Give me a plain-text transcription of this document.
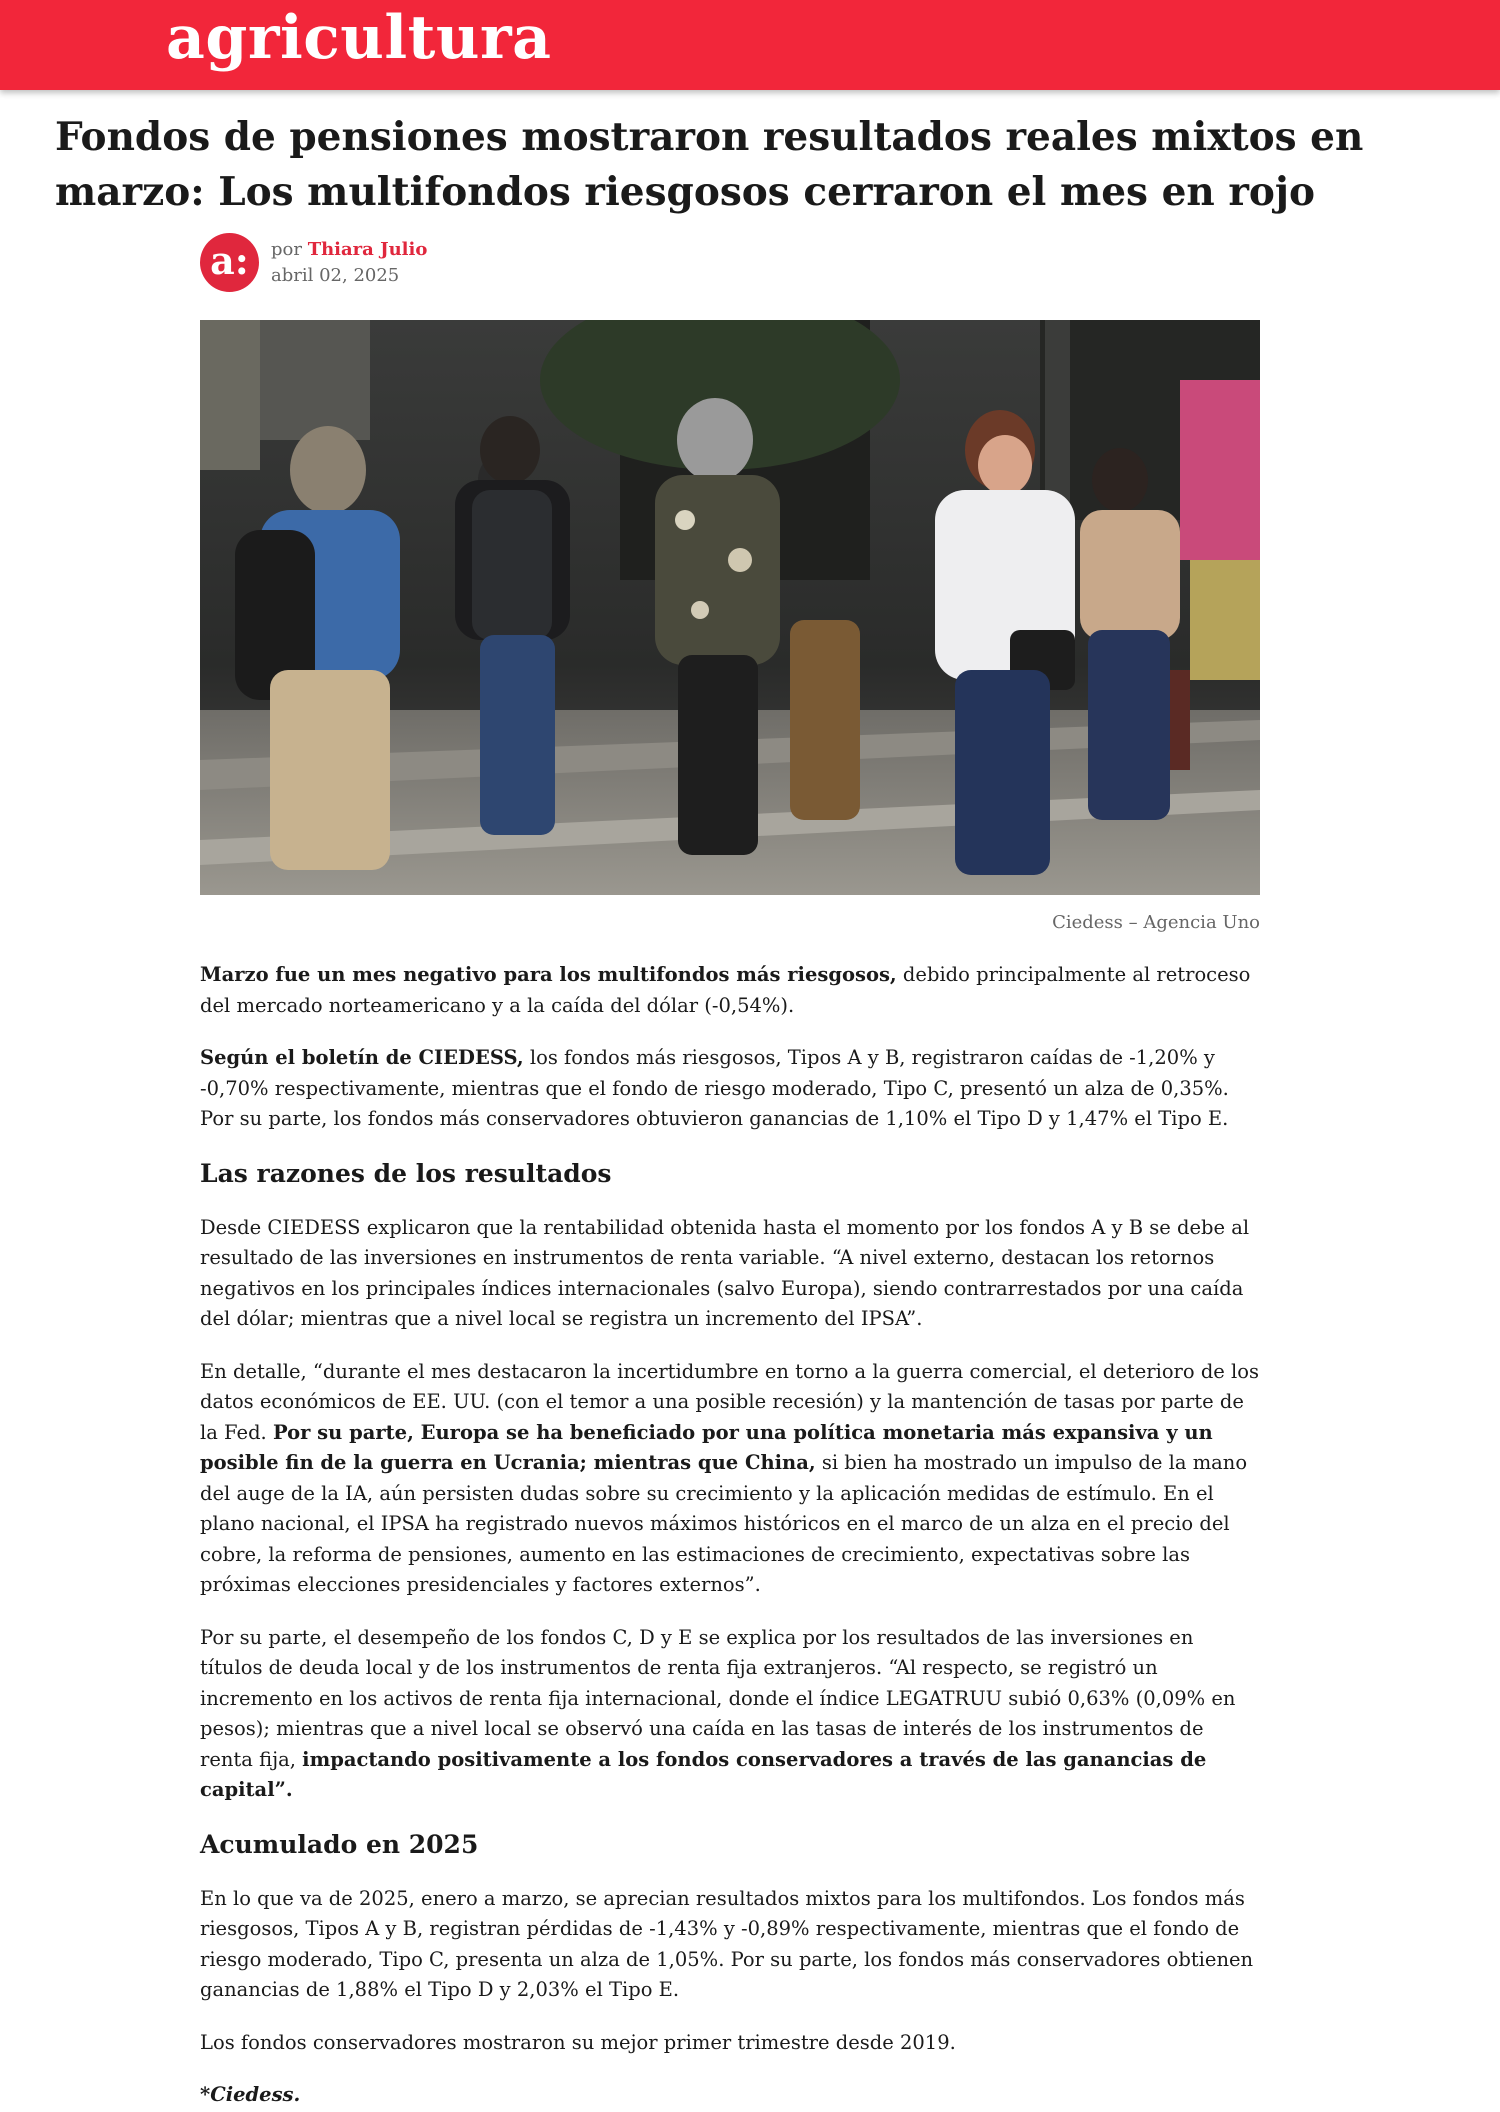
agricultura
Fondos de pensiones mostraron resultados reales mixtos en marzo: Los multifondos riesgosos cerraron el mes en rojo
a:	por Thiara Julio
abril 02, 2025
Ciedess – Agencia Uno

Marzo fue un mes negativo para los multifondos más riesgosos, debido principalmente al retroceso del mercado norteamericano y a la caída del dólar (-0,54%).

Según el boletín de CIEDESS, los fondos más riesgosos, Tipos A y B, registraron caídas de -1,20% y -0,70% respectivamente, mientras que el fondo de riesgo moderado, Tipo C, presentó un alza de 0,35%. Por su parte, los fondos más conservadores obtuvieron ganancias de 1,10% el Tipo D y 1,47% el Tipo E.

Las razones de los resultados

Desde CIEDESS explicaron que la rentabilidad obtenida hasta el momento por los fondos A y B se debe al resultado de las inversiones en instrumentos de renta variable. “A nivel externo, destacan los retornos negativos en los principales índices internacionales (salvo Europa), siendo contrarrestados por una caída del dólar; mientras que a nivel local se registra un incremento del IPSA”.

En detalle, “durante el mes destacaron la incertidumbre en torno a la guerra comercial, el deterioro de los datos económicos de EE. UU. (con el temor a una posible recesión) y la mantención de tasas por parte de la Fed. Por su parte, Europa se ha beneficiado por una política monetaria más expansiva y un posible fin de la guerra en Ucrania; mientras que China, si bien ha mostrado un impulso de la mano del auge de la IA, aún persisten dudas sobre su crecimiento y la aplicación medidas de estímulo. En el plano nacional, el IPSA ha registrado nuevos máximos históricos en el marco de un alza en el precio del cobre, la reforma de pensiones, aumento en las estimaciones de crecimiento, expectativas sobre las próximas elecciones presidenciales y factores externos”.

Por su parte, el desempeño de los fondos C, D y E se explica por los resultados de las inversiones en títulos de deuda local y de los instrumentos de renta fija extranjeros. “Al respecto, se registró un incremento en los activos de renta fija internacional, donde el índice LEGATRUU subió 0,63% (0,09% en pesos); mientras que a nivel local se observó una caída en las tasas de interés de los instrumentos de renta fija, impactando positivamente a los fondos conservadores a través de las ganancias de capital”.

Acumulado en 2025

En lo que va de 2025, enero a marzo, se aprecian resultados mixtos para los multifondos. Los fondos más riesgosos, Tipos A y B, registran pérdidas de -1,43% y -0,89% respectivamente, mientras que el fondo de riesgo moderado, Tipo C, presenta un alza de 1,05%. Por su parte, los fondos más conservadores obtienen ganancias de 1,88% el Tipo D y 2,03% el Tipo E.

Los fondos conservadores mostraron su mejor primer trimestre desde 2019.

*Ciedess.
